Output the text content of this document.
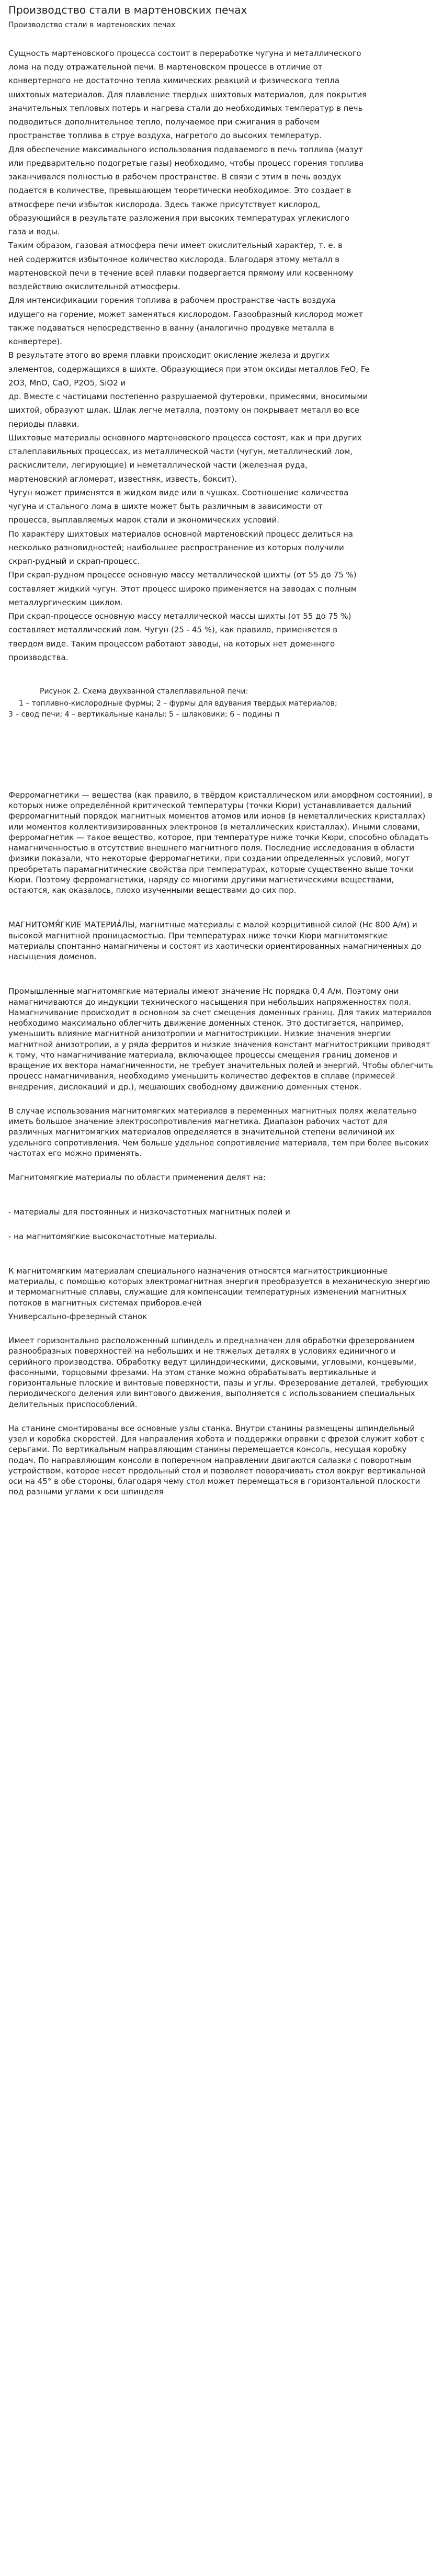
Производство стали в мартеновских печах
Производство стали в мартеновских печах
Сущность мартеновского процесса состоит в переработке чугуна и металлического
лома на поду отражательной печи. В мартеновском процессе в отличие от
конвертерного не достаточно тепла химических реакций и физического тепла
шихтовых материалов. Для плавление твердых шихтовых материалов, для покрытия
значительных тепловых потерь и нагрева стали до необходимых температур в печь
подводиться дополнительное тепло, получаемое при сжигания в рабочем
пространстве топлива в струе воздуха, нагретого до высоких температур.
Для обеспечение максимального использования подаваемого в печь топлива (мазут
или предварительно подогретые газы) необходимо, чтобы процесс горения топлива
заканчивался полностью в рабочем пространстве. В связи с этим в печь воздух
подается в количестве, превышающем теоретически необходимое. Это создает в
атмосфере печи избыток кислорода. Здесь также присутствует кислород,
образующийся в результате разложения при высоких температурах углекислого
газа и воды.
Таким образом, газовая атмосфера печи имеет окислительный характер, т. е. в
ней содержится избыточное количество кислорода. Благодаря этому металл в
мартеновской печи в течение всей плавки подвергается прямому или косвенному
воздействию окислительной атмосферы.
Для интенсификации горения топлива в рабочем пространстве часть воздуха
идущего на горение, может заменяться кислородом. Газообразный кислород может
также подаваться непосредственно в ванну (аналогично продувке металла в
конвертере).
В результате этого во время плавки происходит окисление железа и других
элементов, содержащихся в шихте. Образующиеся при этом оксиды металлов FeO, Fe
2O3, MnO, CaO, P2O5, SiO2 и
др. Вместе с частицами постепенно разрушаемой футеровки, примесями, вносимыми
шихтой, образуют шлак. Шлак легче металла, поэтому он покрывает металл во все
периоды плавки.
Шихтовые материалы основного мартеновского процесса состоят, как и при других
сталеплавильных процессах, из металлической части (чугун, металлический лом,
раскислители, легирующие) и неметаллической части (железная руда,
мартеновский агломерат, известняк, известь, боксит).
Чугун может применятся в жидком виде или в чушках. Соотношение количества
чугуна и стального лома в шихте может быть различным в зависимости от
процесса, выплавляемых марок стали и экономических условий.
По характеру шихтовых материалов основной мартеновский процесс делиться на
несколько разновидностей; наибольшее распространение из которых получили
скрап-рудный и скрап-процесс.
При скрап-рудном процессе основную массу металлической шихты (от 55 до 75 %)
составляет жидкий чугун. Этот процесс широко применяется на заводах с полным
металлургическим циклом.
При скрап-процессе основную массу металлической массы шихты (от 55 до 75 %)
составляет металлический лом. Чугун (25 - 45 %), как правило, применяется в
твердом виде. Таким процессом работают заводы, на которых нет доменного
производства.
Рисунок 2. Схема двухванной сталеплавильной печи:
1 – топливно-кислородные фурмы; 2 – фурмы для вдувания твердых материалов;
3 – свод печи; 4 – вертикальные каналы; 5 – шлаковики; 6 – подины п
Ферромагнетики — вещества (как правило, в твёрдом кристаллическом или аморфном состоянии), в которых ниже определённой критической температуры (точки Кюри) устанавливается дальний ферромагнитный порядок магнитных моментов атомов или ионов (в неметаллических кристаллах) или моментов коллективизированных электронов (в металлических кристаллах). Иными словами, ферромагнетик — такое вещество, которое, при температуре ниже точки Кюри, способно обладать намагниченностью в отсутствие внешнего магнитного поля. Последние исследования в области физики показали, что некоторые ферромагнетики, при создании определенных условий, могут преобретать парамагнитические свойства при температурах, которые существенно выше точки Кюри. Поэтому ферромагнетики, наряду со многими другими магнетическими веществами, остаются, как оказалось, плохо изученными веществами до сих пор.
МАГНИТОМЯ́ГКИЕ МАТЕРИА́ЛЫ, магнитные материалы с малой коэрцитивной силой (Hc 800 А/м) и высокой магнитной проницаемостью. При температурах ниже точки Кюри магнитомягкие материалы спонтанно намагничены и состоят из хаотически ориентированных намагниченных до насыщения доменов.
Промышленные магнитомягкие материалы имеют значение Hc порядка 0,4 А/м. Поэтому они намагничиваются до индукции технического насыщения при небольших напряженностях поля. Намагничивание происходит в основном за счет смещения доменных границ. Для таких материалов необходимо максимально облегчить движение доменных стенок. Это достигается, например, уменьшить влияние магнитной анизотропии и магнитострикции. Низкие значения энергии магнитной анизотропии, а у ряда ферритов и низкие значения констант магнитострикции приводят к тому, что намагничивание материала, включающее процессы смещения границ доменов и вращение их вектора намагниченности, не требует значительных полей и энергий. Чтобы облегчить процесс намагничивания, необходимо уменьшить количество дефектов в сплаве (примесей внедрения, дислокаций и др.), мешающих свободному движению доменных стенок.
В случае использования магнитомягких материалов в переменных магнитных полях желательно иметь большое значение электросопротивления магнетика. Диапазон рабочих частот для различных магнитомягких материалов определяется в значительной степени величиной их удельного сопротивления. Чем больше удельное сопротивление материала, тем при более высоких частотах его можно применять.
Магнитомягкие материалы по области применения делят на:
- материалы для постоянных и низкочастотных магнитных полей и
- на магнитомягкие высокочастотные материалы.
К магнитомягким материалам специального назначения относятся магнитострикционные материалы, с помощью которых электромагнитная энергия преобразуется в механическую энергию и термомагнитные сплавы, служащие для компенсации температурных изменений магнитных потоков в магнитных системах приборов.ечей
Универсально-фрезерный станок
Имеет горизонтально расположенный шпиндель и предназначен для обработки фрезерованием разнообразных поверхностей на небольших и не тяжелых деталях в условиях единичного и серийного производства. Обработку ведут цилиндрическими, дисковыми, угловыми, концевыми, фасонными, торцовыми фрезами. На этом станке можно обрабатывать вертикальные и горизонтальные плоские и винтовые поверхности, пазы и углы. Фрезерование деталей, требующих периодического деления или винтового движения, выполняется с использованием специальных делительных приспособлений.
На станине смонтированы все основные узлы станка. Внутри станины размещены шпиндельный узел и коробка скоростей. Для направления хобота и поддержки оправки с фрезой служит хобот с серьгами. По вертикальным направляющим станины перемещается консоль, несущая коробку подач. По направляющим консоли в поперечном направлении двигаются салазки с поворотным устройством, которое несет продольный стол и позволяет поворачивать стол вокруг вертикальной оси на 45° в обе стороны, благодаря чему стол может перемещаться в горизонтальной плоскости под разными углами к оси шпинделя
